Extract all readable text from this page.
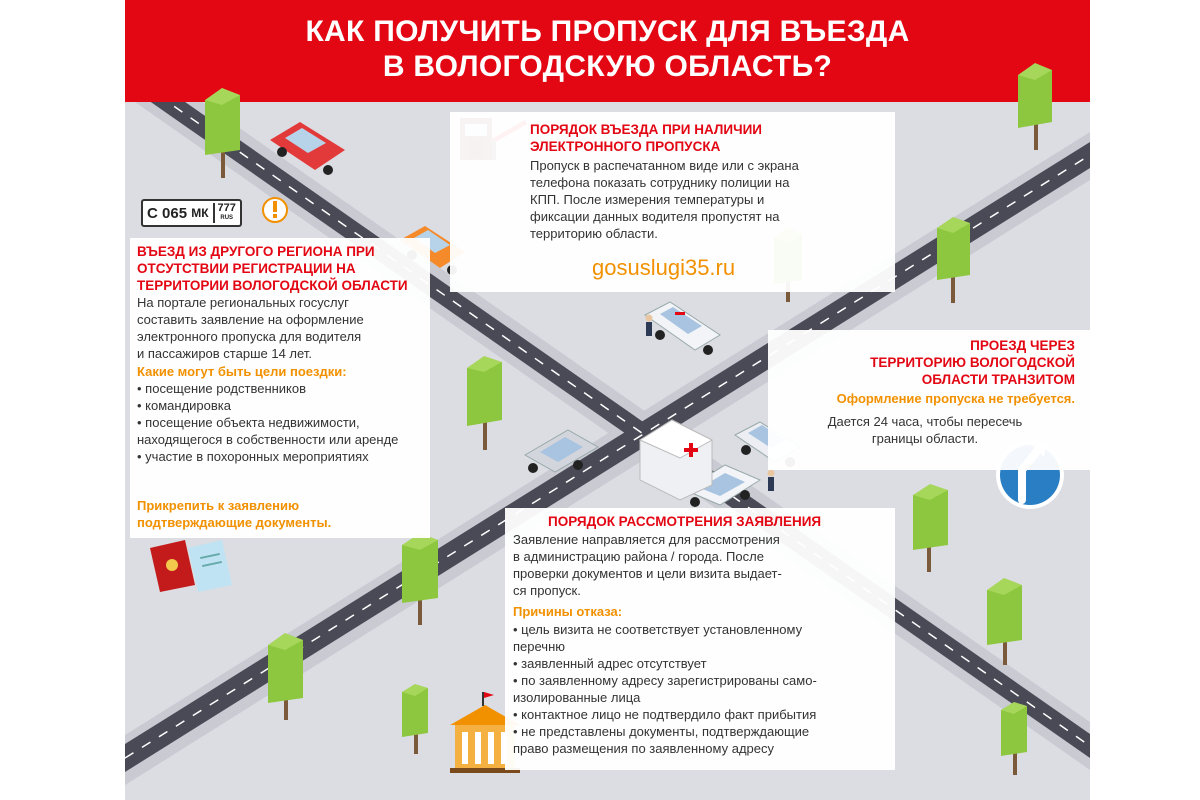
КАК ПОЛУЧИТЬ ПРОПУСК ДЛЯ ВЪЕЗДА
В ВОЛОГОДСКУЮ ОБЛАСТЬ?
ПОРЯДОК ВЪЕЗДА ПРИ НАЛИЧИИ
ЭЛЕКТРОННОГО ПРОПУСКА
Пропуск в распечатанном виде или с экрана
телефона показать сотруднику полиции на
КПП. После измерения температуры и
фиксации данных водителя пропустят на
территорию области.
gosuslugi35.ru
С
065
МК 777
RUS
ВЪЕЗД ИЗ ДРУГОГО РЕГИОНА ПРИ
ОТСУТСТВИИ РЕГИСТРАЦИИ НА
ТЕРРИТОРИИ ВОЛОГОДСКОЙ ОБЛАСТИ
На портале региональных госуслуг
составить заявление на оформление
электронного пропуска для водителя
и пассажиров старше 14 лет.
Какие могут быть цели поездки:
• посещение родственников
• командировка
• посещение объекта недвижимости, находящегося в собственности или аренде
• участие в похоронных мероприятиях
Прикрепить к заявлению
подтверждающие документы.
ПРОЕЗД ЧЕРЕЗ
ТЕРРИТОРИЮ ВОЛОГОДСКОЙ
ОБЛАСТИ ТРАНЗИТОМ
Оформление пропуска не требуется.
Дается 24 часа, чтобы пересечь
границы области.
ПОРЯДОК РАССМОТРЕНИЯ ЗАЯВЛЕНИЯ
Заявление направляется для рассмотрения
в администрацию района / города. После
проверки документов и цели визита выдает-
ся пропуск.
Причины отказа:
• цель визита не соответствует установленному
перечню
• заявленный адрес отсутствует
• по заявленному адресу зарегистрированы само-
изолированные лица
• контактное лицо не подтвердило факт прибытия
• не представлены документы, подтверждающие
право размещения по заявленному адресу
